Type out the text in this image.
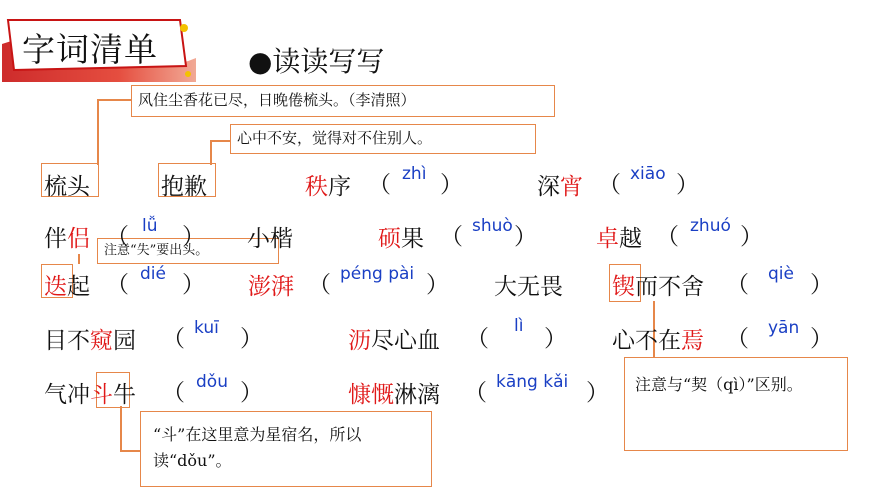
字词清单	●读读写写
风住尘香花已尽，日晚倦梳头。（李清照）
心中不安，觉得对不住别人。
注意“失”要出头。
注意与“契（qì）”区别。
“斗”在这里意为星宿名，所以读“dǒu”。
梳头	抱歉	秩序 （ zhì ）	深宵 （ xiāo ）
伴侣 （ lǚ ） 小楷	硕果 （ shuò ）	卓越 （ zhuó ）
迭起 （ dié ） 澎湃 （ péng pài ） 大无畏 锲而不舍 （ qiè ）
目不窥园 （ kuī ）	沥尽心血 （ lì ） 心不在焉 （ yān ）
气冲斗牛 （ dǒu ）	慷慨淋漓 （ kāng kǎi ）
